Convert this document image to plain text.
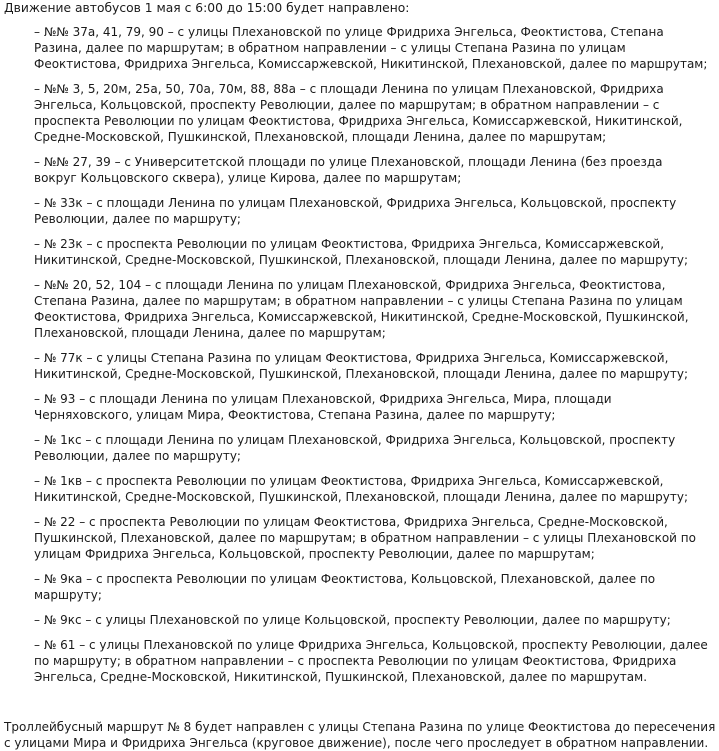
Движение автобусов 1 мая с 6:00 до 15:00 будет направлено:

– №№ 37а, 41, 79, 90 – с улицы Плехановской по улице Фридриха Энгельса, Феоктистова, Степана Разина, далее по маршрутам; в обратном направлении – с улицы Степана Разина по улицам Феоктистова, Фридриха Энгельса, Комиссаржевской, Никитинской, Плехановской, далее по маршрутам;

– №№ 3, 5, 20м, 25а, 50, 70а, 70м, 88, 88а – с площади Ленина по улицам Плехановской, Фридриха Энгельса, Кольцовской, проспекту Революции, далее по маршрутам; в обратном направлении – с проспекта Революции по улицам Феоктистова, Фридриха Энгельса, Комиссаржевской, Никитинской, Средне-Московской, Пушкинской, Плехановской, площади Ленина, далее по маршрутам;

– №№ 27, 39 – с Университетской площади по улице Плехановской, площади Ленина (без проезда вокруг Кольцовского сквера), улице Кирова, далее по маршрутам;

– № 33к – с площади Ленина по улицам Плехановской, Фридриха Энгельса, Кольцовской, проспекту Революции, далее по маршруту;

– № 23к – с проспекта Революции по улицам Феоктистова, Фридриха Энгельса, Комиссаржевской, Никитинской, Средне-Московской, Пушкинской, Плехановской, площади Ленина, далее по маршруту;

– №№ 20, 52, 104 – с площади Ленина по улицам Плехановской, Фридриха Энгельса, Феоктистова, Степана Разина, далее по маршрутам; в обратном направлении – с улицы Степана Разина по улицам Феоктистова, Фридриха Энгельса, Комиссаржевской, Никитинской, Средне-Московской, Пушкинской, Плехановской, площади Ленина, далее по маршрутам;

– № 77к – с улицы Степана Разина по улицам Феоктистова, Фридриха Энгельса, Комиссаржевской, Никитинской, Средне-Московской, Пушкинской, Плехановской, площади Ленина, далее по маршруту;

– № 93 – с площади Ленина по улицам Плехановской, Фридриха Энгельса, Мира, площади Черняховского, улицам Мира, Феоктистова, Степана Разина, далее по маршруту;

– № 1кс – с площади Ленина по улицам Плехановской, Фридриха Энгельса, Кольцовской, проспекту Революции, далее по маршруту;

– № 1кв – с проспекта Революции по улицам Феоктистова, Фридриха Энгельса, Комиссаржевской, Никитинской, Средне-Московской, Пушкинской, Плехановской, площади Ленина, далее по маршруту;

– № 22 – с проспекта Революции по улицам Феоктистова, Фридриха Энгельса, Средне-Московской, Пушкинской, Плехановской, далее по маршрутам; в обратном направлении – с улицы Плехановской по улицам Фридриха Энгельса, Кольцовской, проспекту Революции, далее по маршрутам;

– № 9ка – с проспекта Революции по улицам Феоктистова, Кольцовской, Плехановской, далее по маршруту;

– № 9кс – с улицы Плехановской по улице Кольцовской, проспекту Революции, далее по маршруту;

– № 61 – с улицы Плехановской по улице Фридриха Энгельса, Кольцовской, проспекту Революции, далее по маршруту; в обратном направлении – с проспекта Революции по улицам Феоктистова, Фридриха Энгельса, Средне-Московской, Никитинской, Пушкинской, Плехановской, далее по маршрутам.

Троллейбусный маршрут № 8 будет направлен с улицы Степана Разина по улице Феоктистова до пересечения с улицами Мира и Фридриха Энгельса (круговое движение), после чего проследует в обратном направлении.
